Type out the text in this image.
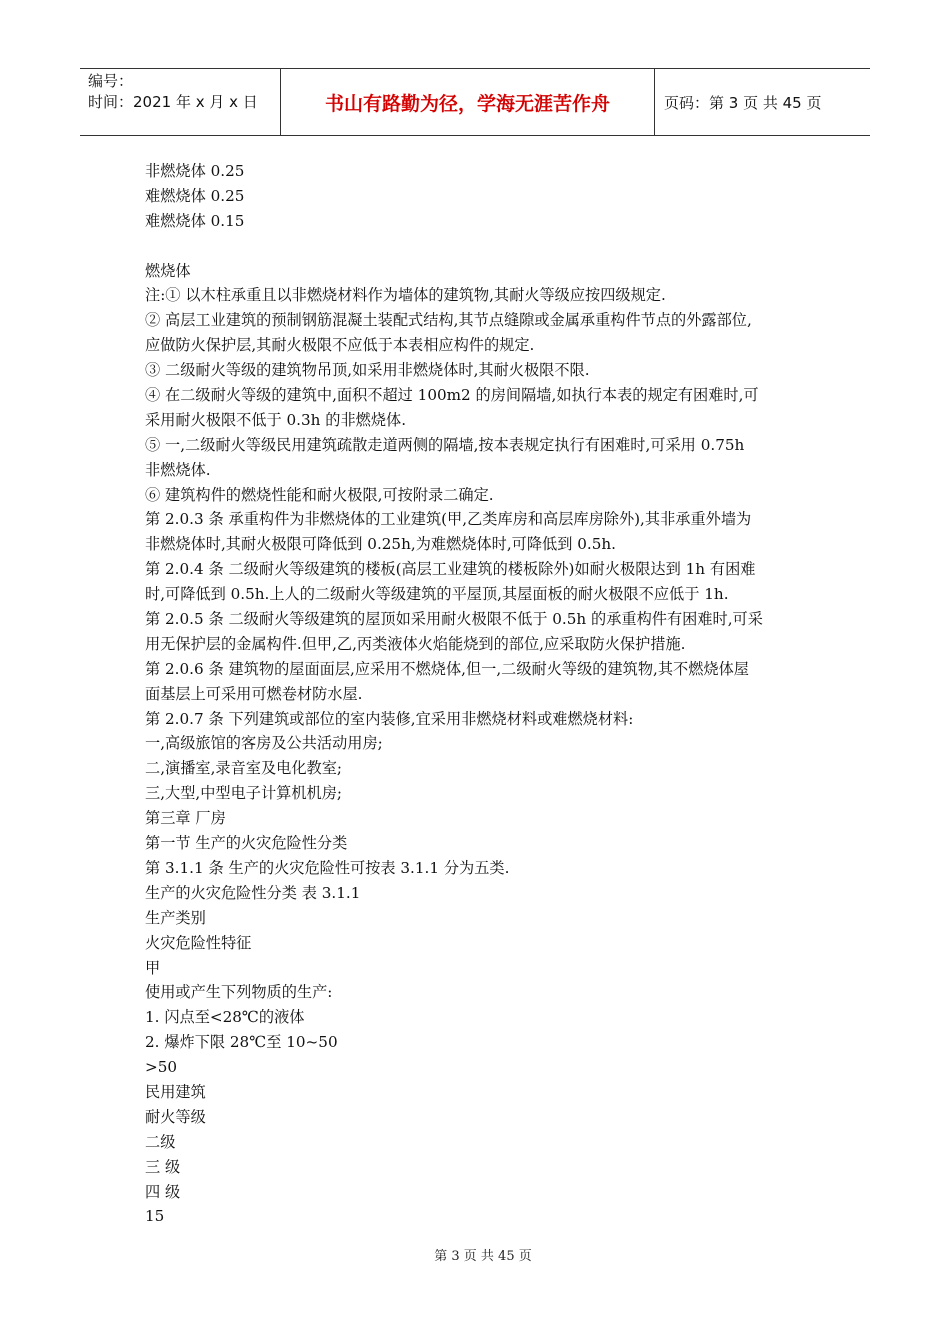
编号：
时间：2021 年 x 月 x 日	书山有路勤为径，学海无涯苦作舟	页码：第 3 页 共 45 页
非燃烧体 0.25
难燃烧体 0.25
难燃烧体 0.15
燃烧体
注:① 以木柱承重且以非燃烧材料作为墙体的建筑物,其耐火等级应按四级规定.
② 高层工业建筑的预制钢筋混凝土装配式结构,其节点缝隙或金属承重构件节点的外露部位,
应做防火保护层,其耐火极限不应低于本表相应构件的规定.
③ 二级耐火等级的建筑物吊顶,如采用非燃烧体时,其耐火极限不限.
④ 在二级耐火等级的建筑中,面积不超过 100m2 的房间隔墙,如执行本表的规定有困难时,可
采用耐火极限不低于 0.3h 的非燃烧体.
⑤ 一,二级耐火等级民用建筑疏散走道两侧的隔墙,按本表规定执行有困难时,可采用 0.75h
非燃烧体.
⑥ 建筑构件的燃烧性能和耐火极限,可按附录二确定.
第 2.0.3 条 承重构件为非燃烧体的工业建筑(甲,乙类库房和高层库房除外),其非承重外墙为
非燃烧体时,其耐火极限可降低到 0.25h,为难燃烧体时,可降低到 0.5h.
第 2.0.4 条 二级耐火等级建筑的楼板(高层工业建筑的楼板除外)如耐火极限达到 1h 有困难
时,可降低到 0.5h.上人的二级耐火等级建筑的平屋顶,其屋面板的耐火极限不应低于 1h.
第 2.0.5 条 二级耐火等级建筑的屋顶如采用耐火极限不低于 0.5h 的承重构件有困难时,可采
用无保护层的金属构件.但甲,乙,丙类液体火焰能烧到的部位,应采取防火保护措施.
第 2.0.6 条 建筑物的屋面面层,应采用不燃烧体,但一,二级耐火等级的建筑物,其不燃烧体屋
面基层上可采用可燃卷材防水屋.
第 2.0.7 条 下列建筑或部位的室内装修,宜采用非燃烧材料或难燃烧材料:
一,高级旅馆的客房及公共活动用房;
二,演播室,录音室及电化教室;
三,大型,中型电子计算机机房;
第三章 厂房
第一节 生产的火灾危险性分类
第 3.1.1 条 生产的火灾危险性可按表 3.1.1 分为五类.
生产的火灾危险性分类 表 3.1.1
生产类别
火灾危险性特征
甲
使用或产生下列物质的生产:
1. 闪点至<28℃的液体
2. 爆炸下限 28℃至 10~50
>50
民用建筑
耐火等级
二级
三 级
四 级
15
第 3 页 共 45 页
